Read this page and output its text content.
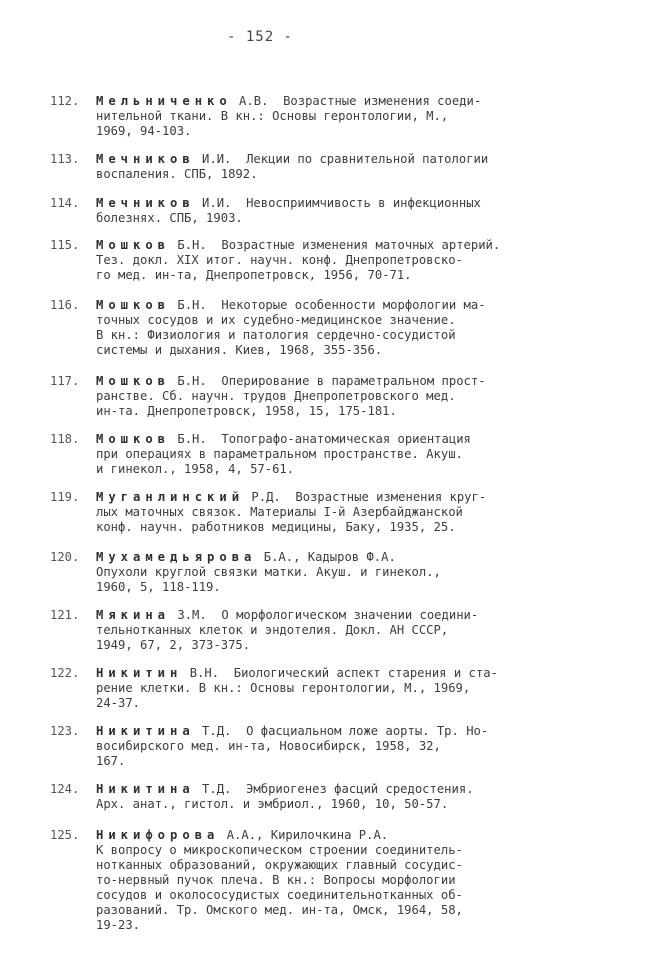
- 152 -
112.	Мельниченко А.В.  Возрастные изменения соеди-
нительной ткани. В кн.: Основы геронтологии, М.,
1969, 94-103.
113.	Мечников И.И.  Лекции по сравнительной патологии
воспаления. СПБ, 1892.
114.	Мечников И.И.  Невосприимчивость в инфекционных
болезнях. СПБ, 1903.
115.	Мошков Б.Н.  Возрастные изменения маточных артерий.
Тез. докл. XIX итог. научн. конф. Днепропетровско-
го мед. ин-та, Днепропетровск, 1956, 70-71.
116.	Мошков Б.Н.  Некоторые особенности морфологии ма-
точных сосудов и их судебно-медицинское значение.
В кн.: Физиология и патология сердечно-сосудистой
системы и дыхания. Киев, 1968, 355-356.
117.	Мошков Б.Н.  Оперирование в параметральном прост-
ранстве. Сб. научн. трудов Днепропетровского мед.
ин-та. Днепропетровск, 1958, 15, 175-181.
118.	Мошков Б.Н.  Топографо-анатомическая ориентация
при операциях в параметральном пространстве. Акуш.
и гинекол., 1958, 4, 57-61.
119.	Муганлинский Р.Д.  Возрастные изменения круг-
лых маточных связок. Материалы I-й Азербайджанской
конф. научн. работников медицины, Баку, 1935, 25.
120.	Мухамедьярова Б.А., Кадыров Ф.А.
Опухоли круглой связки матки. Акуш. и гинекол.,
1960, 5, 118-119.
121.	Мякина З.М.  О морфологическом значении соедини-
тельнотканных клеток и эндотелия. Докл. АН СССР,
1949, 67, 2, 373-375.
122.	Никитин В.Н.  Биологический аспект старения и ста-
рение клетки. В кн.: Основы геронтологии, М., 1969,
24-37.
123.	Никитина Т.Д.  О фасциальном ложе аорты. Тр. Но-
восибирского мед. ин-та, Новосибирск, 1958, 32,
167.
124.	Никитина Т.Д.  Эмбриогенез фасций средостения.
Арх. анат., гистол. и эмбриол., 1960, 10, 50-57.
125.	Никифорова А.А., Кирилочкина Р.А.
К вопросу о микроскопическом строении соединитель-
нотканных образований, окружающих главный сосудис-
то-нервный пучок плеча. В кн.: Вопросы морфологии
сосудов и околососудистых соединительнотканных об-
разований. Тр. Омского мед. ин-та, Омск, 1964, 58,
19-23.
